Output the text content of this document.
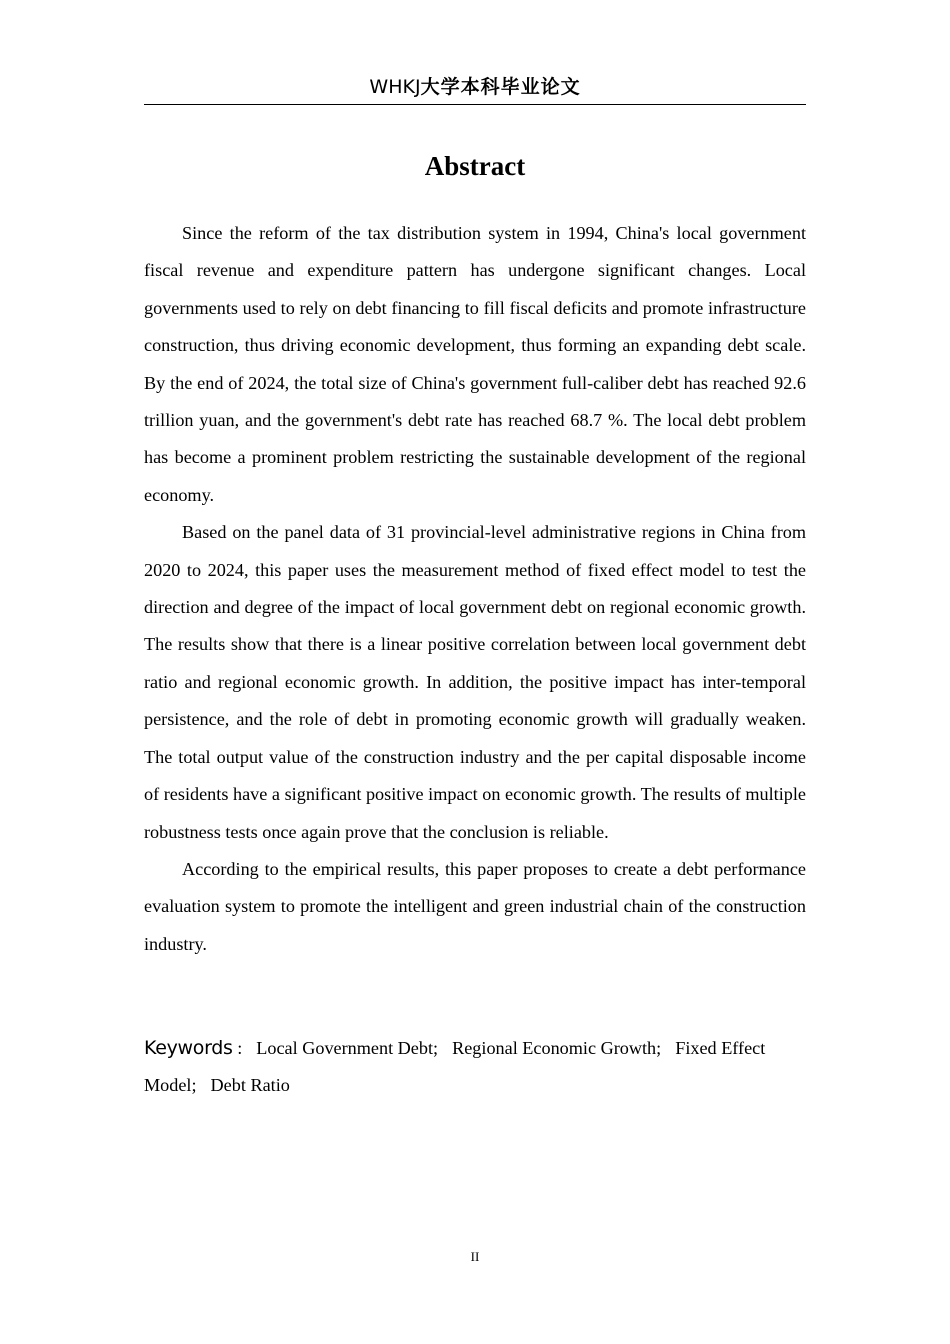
WHKJ大学本科毕业论文
Abstract

Since the reform of the tax distribution system in 1994, China's local government fiscal revenue and expenditure pattern has undergone significant changes. Local governments used to rely on debt financing to fill fiscal deficits and promote infrastructure construction, thus driving economic development, thus forming an expanding debt scale. By the end of 2024, the total size of China's government full-caliber debt has reached 92.6 trillion yuan, and the government's debt rate has reached 68.7 %. The local debt problem has become a prominent problem restricting the sustainable development of the regional economy.

Based on the panel data of 31 provincial-level administrative regions in China from 2020 to 2024, this paper uses the measurement method of fixed effect model to test the direction and degree of the impact of local government debt on regional economic growth. The results show that there is a linear positive correlation between local government debt ratio and regional economic growth. In addition, the positive impact has inter-temporal persistence, and the role of debt in promoting economic growth will gradually weaken. The total output value of the construction industry and the per capital disposable income of residents have a significant positive impact on economic growth. The results of multiple robustness tests once again prove that the conclusion is reliable.

According to the empirical results, this paper proposes to create a debt performance evaluation system to promote the intelligent and green industrial chain of the construction industry.

Keywords : Local Government Debt; Regional Economic Growth; Fixed Effect Model; Debt Ratio
II
